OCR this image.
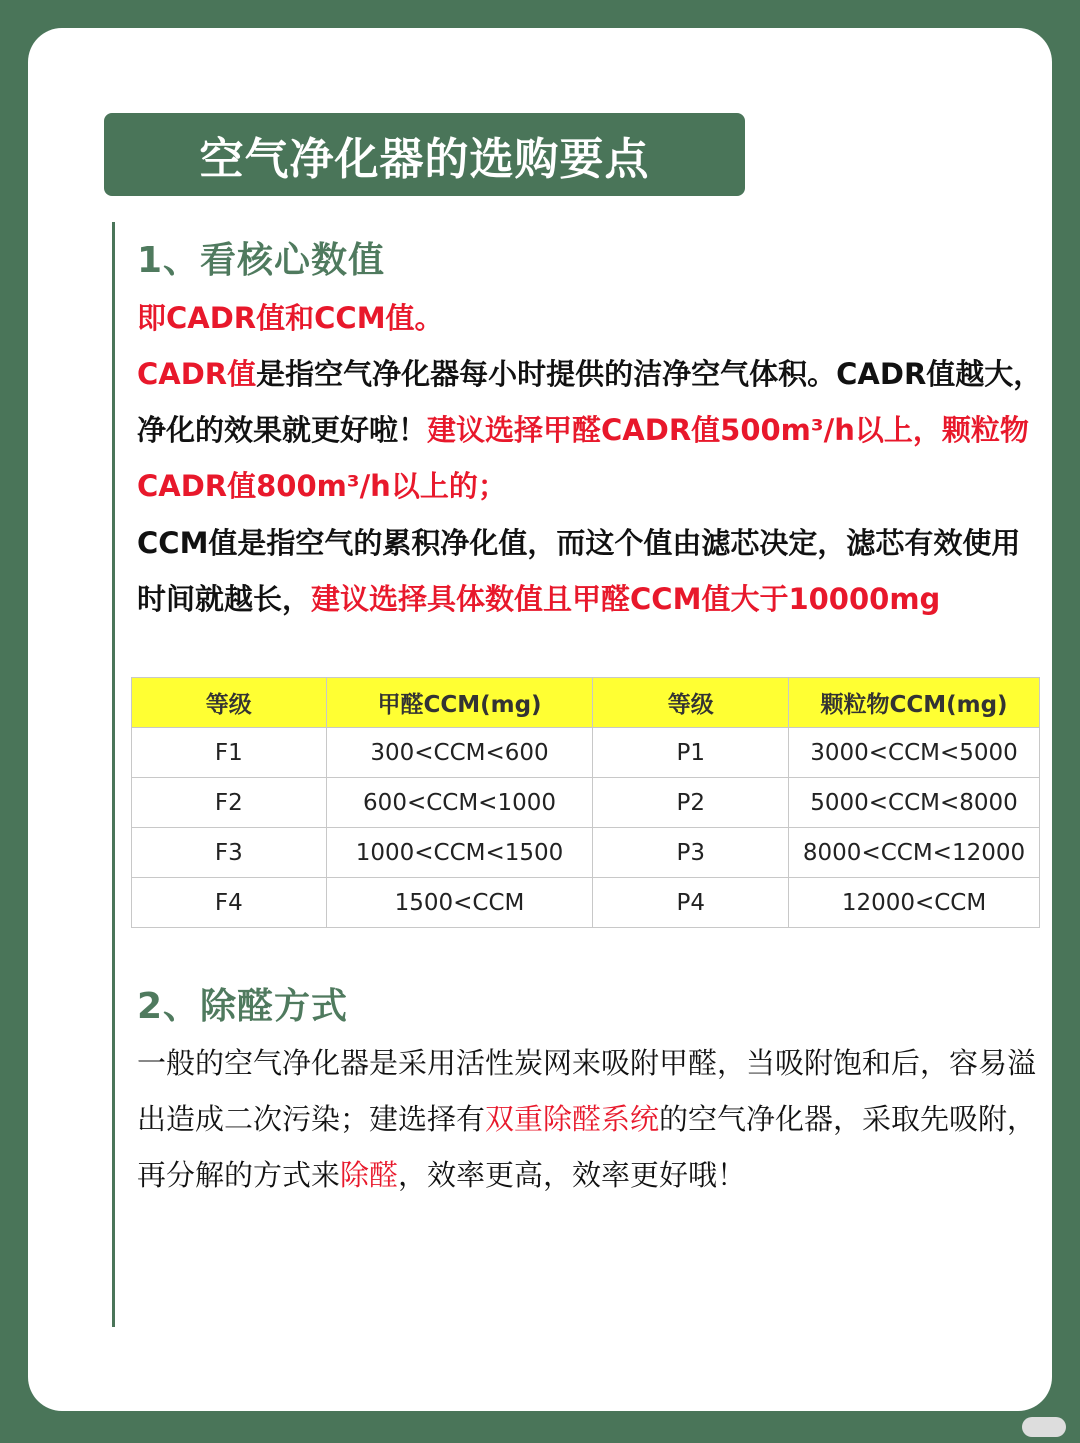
空气净化器的选购要点
1、看核心数值
即CADR值和CCM值。
CADR值是指空气净化器每小时提供的洁净空气体积。CADR值越大，净化的效果就更好啦！建议选择甲醛CADR值500m³/h以上，颗粒物CADR值800m³/h以上的；
CCM值是指空气的累积净化值，而这个值由滤芯决定，滤芯有效使用时间就越长，建议选择具体数值且甲醛CCM值大于10000mg
等级	甲醛CCM(mg)	等级	颗粒物CCM(mg)
F1	300<CCM<600	P1	3000<CCM<5000
F2	600<CCM<1000	P2	5000<CCM<8000
F3	1000<CCM<1500	P3	8000<CCM<12000
F4	1500<CCM	P4	12000<CCM
2、除醛方式
一般的空气净化器是采用活性炭网来吸附甲醛，当吸附饱和后，容易溢出造成二次污染；建选择有双重除醛系统的空气净化器，采取先吸附，再分解的方式来除醛，效率更高，效率更好哦！
